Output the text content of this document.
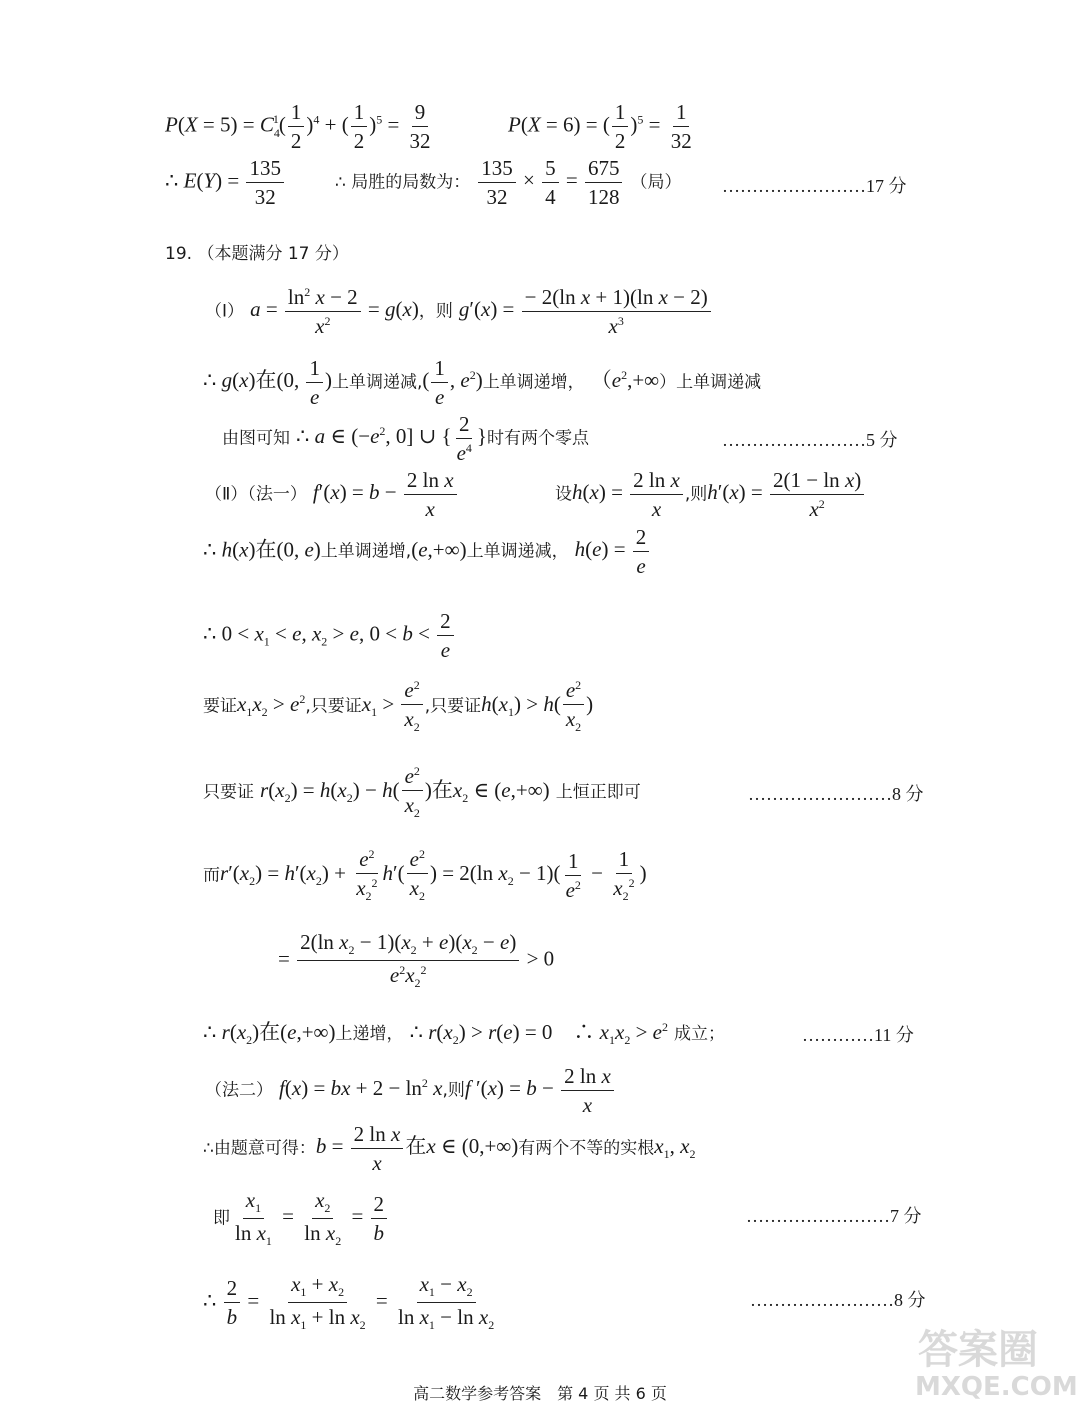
$P(X = 5) = C_4^1( \frac{1}{2} )^4$ + ( $\frac{1}{2} )^5 = \frac{9}{32}$	P(X = 6) = ( $\frac{1}{2} )^5 = \frac{1}{32}$
∴ $E(Y) = \frac{135}{32}$	∴ 局胜的局数为： $\frac{135}{32} \times \frac{5}{4} = \frac{675}{128}$ （局） ……………………17 分
19. （本题满分 17 分）
（Ⅰ） $a = \frac{\ln^2 x - 2}{x^2} = g(x)$，则 $g'(x) = \frac{\text{− 2(ln x + 1)(ln x − 2)}}{x^3}$
∴ g(x)在(0, $\frac{1}{e}$ )上单调递减,( $\frac{1}{e}$ , $e^2$)上单调递增， $(e^2,+\infty)$上单调递减
由图可知 ∴ a ∈ ($-e^2$, 0] ∪ { $\frac{2}{e^4}$ }时有两个零点	……………………5 分
（Ⅱ）（法一） $f'(x) = b - \frac{\text{2 ln x}}{x}$	设$h(x) = \frac{\text{2 ln x}}{x}$ ,则$h'(x) = \frac{\text{2(1 − ln x)}}{x^2}$
∴ h(x)在(0, e)上单调递增,(e,+∞)上单调递减， $h(e) = \frac{2}{e}$
∴ $0 < x_1 < e$, $x_2 > e$, $0 < b < \frac{2}{e}$
要证$x_1x_2 > e^2$,只要证$x_1 > \frac{e^2}{x_2}$ ,只要证$h(x_1) > h( \frac{e^2}{x_2}$ )
只要证 $r(x_2) = h(x_2) - h( \frac{e^2}{x_2}$ )在$x_2$ ∈ (e,+∞) 上恒正即可	……………………8 分
而$r'(x_2) = h'(x_2) + \frac{e^2}{x_2^2} h'( \frac{e^2}{x_2}$ ) = 2(ln $x_2 - 1)( \frac{1}{e^2} - \frac{1}{x_2^2}$ )
= $\frac{2(\ln x_2 - 1)(x_2 + e)(x_2 - e)}{e^2x_2^2} > 0$
∴ $r(x_2)$在(e,+∞)上递增， ∴ $r(x_2) > r(e) = 0$　∴ $x_1x_2 > e^2$ 成立；	…………11 分
（法二） f(x) = bx + $2 - \ln^2 x$,则f $'(x) = b - \frac{\text{2 ln x}}{x}$
∴由题意可得：$b = \frac{\text{2 ln x}}{x}$ 在x ∈ (0,+∞)有两个不等的实根$x_1$, $x_2$
即 $\frac{x_1}{\ln x_1} = \frac{x_2}{\ln x_2} = \frac{2}{b}$	……………………7 分
∴ $\frac{2}{b} = \frac{x_1 + x_2}{\ln x_1 + \ln x_2} = \frac{x_1 - x_2}{\ln x_1 - \ln x_2}$	……………………8 分
高二数学参考答案　第 4 页 共 6 页
答案圈
MXQE.COM
